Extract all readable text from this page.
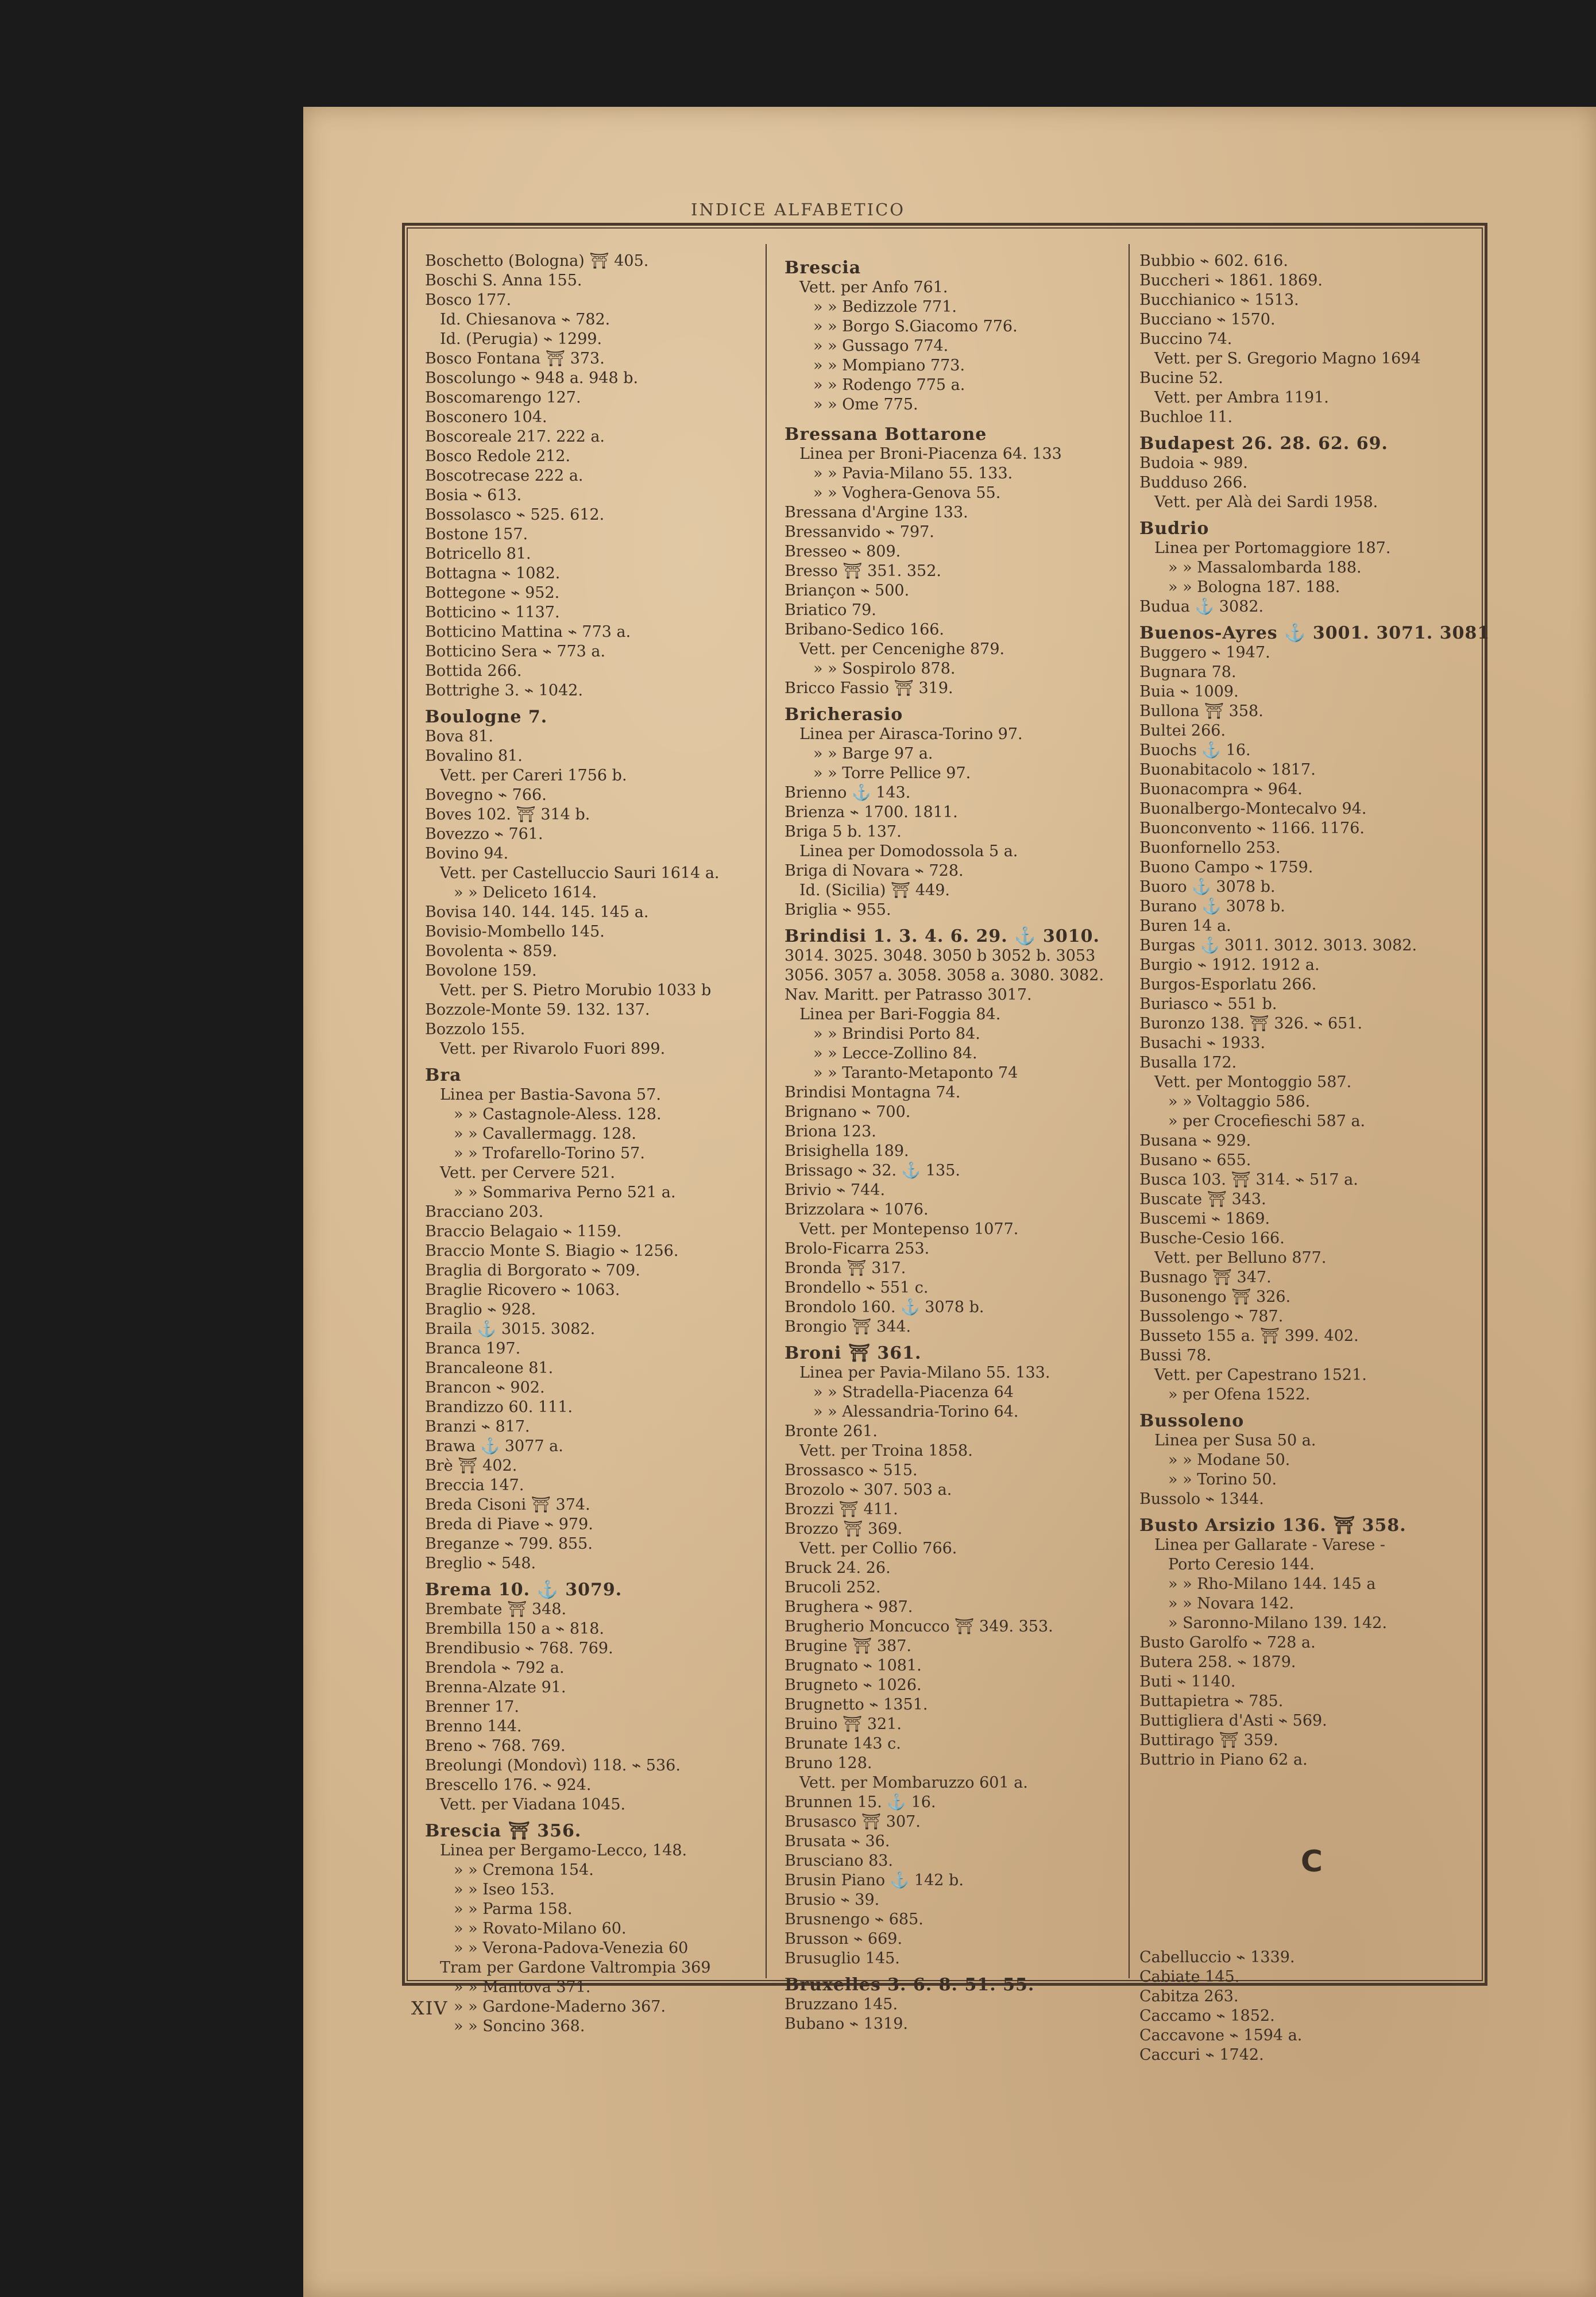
INDICE ALFABETICO
Boschetto (Bologna) ⛩ 405.
Boschi S. Anna 155.
Bosco 177.
Id. Chiesanova ⌁ 782.
Id. (Perugia) ⌁ 1299.
Bosco Fontana ⛩ 373.
Boscolungo ⌁ 948 a. 948 b.
Boscomarengo 127.
Bosconero 104.
Boscoreale 217. 222 a.
Bosco Redole 212.
Boscotrecase 222 a.
Bosia ⌁ 613.
Bossolasco ⌁ 525. 612.
Bostone 157.
Botricello 81.
Bottagna ⌁ 1082.
Bottegone ⌁ 952.
Botticino ⌁ 1137.
Botticino Mattina ⌁ 773 a.
Botticino Sera ⌁ 773 a.
Bottida 266.
Bottrighe 3. ⌁ 1042.
Boulogne 7.
Bova 81.
Bovalino 81.
Vett. per Careri 1756 b.
Bovegno ⌁ 766.
Boves 102. ⛩ 314 b.
Bovezzo ⌁ 761.
Bovino 94.
Vett. per Castelluccio Sauri 1614 a.
» » Deliceto 1614.
Bovisa 140. 144. 145. 145 a.
Bovisio-Mombello 145.
Bovolenta ⌁ 859.
Bovolone 159.
Vett. per S. Pietro Morubio 1033 b
Bozzole-Monte 59. 132. 137.
Bozzolo 155.
Vett. per Rivarolo Fuori 899.
Bra
Linea per Bastia-Savona 57.
» » Castagnole-Aless. 128.
» » Cavallermagg. 128.
» » Trofarello-Torino 57.
Vett. per Cervere 521.
» » Sommariva Perno 521 a.
Bracciano 203.
Braccio Belagaio ⌁ 1159.
Braccio Monte S. Biagio ⌁ 1256.
Braglia di Borgorato ⌁ 709.
Braglie Ricovero ⌁ 1063.
Braglio ⌁ 928.
Braila ⚓ 3015. 3082.
Branca 197.
Brancaleone 81.
Brancon ⌁ 902.
Brandizzo 60. 111.
Branzi ⌁ 817.
Brawa ⚓ 3077 a.
Brè ⛩ 402.
Breccia 147.
Breda Cisoni ⛩ 374.
Breda di Piave ⌁ 979.
Breganze ⌁ 799. 855.
Breglio ⌁ 548.
Brema 10. ⚓ 3079.
Brembate ⛩ 348.
Brembilla 150 a ⌁ 818.
Brendibusio ⌁ 768. 769.
Brendola ⌁ 792 a.
Brenna-Alzate 91.
Brenner 17.
Brenno 144.
Breno ⌁ 768. 769.
Breolungi (Mondovì) 118. ⌁ 536.
Brescello 176. ⌁ 924.
Vett. per Viadana 1045.
Brescia ⛩ 356.
Linea per Bergamo-Lecco, 148.
» » Cremona 154.
» » Iseo 153.
» » Parma 158.
» » Rovato-Milano 60.
» » Verona-Padova-Venezia 60
Tram per Gardone Valtrompia 369
» » Mantova 371.
» » Gardone-Maderno 367.
» » Soncino 368.
Brescia
Vett. per Anfo 761.
» » Bedizzole 771.
» » Borgo S.Giacomo 776.
» » Gussago 774.
» » Mompiano 773.
» » Rodengo 775 a.
» » Ome 775.
Bressana Bottarone
Linea per Broni-Piacenza 64. 133
» » Pavia-Milano 55. 133.
» » Voghera-Genova 55.
Bressana d'Argine 133.
Bressanvido ⌁ 797.
Bresseo ⌁ 809.
Bresso ⛩ 351. 352.
Briançon ⌁ 500.
Briatico 79.
Bribano-Sedico 166.
Vett. per Cencenighe 879.
» » Sospirolo 878.
Bricco Fassio ⛩ 319.
Bricherasio
Linea per Airasca-Torino 97.
» » Barge 97 a.
» » Torre Pellice 97.
Brienno ⚓ 143.
Brienza ⌁ 1700. 1811.
Briga 5 b. 137.
Linea per Domodossola 5 a.
Briga di Novara ⌁ 728.
Id. (Sicilia) ⛩ 449.
Briglia ⌁ 955.
Brindisi 1. 3. 4. 6. 29. ⚓ 3010.
3014. 3025. 3048. 3050 b 3052 b. 3053
3056. 3057 a. 3058. 3058 a. 3080. 3082.
Nav. Maritt. per Patrasso 3017.
Linea per Bari-Foggia 84.
» » Brindisi Porto 84.
» » Lecce-Zollino 84.
» » Taranto-Metaponto 74
Brindisi Montagna 74.
Brignano ⌁ 700.
Briona 123.
Brisighella 189.
Brissago ⌁ 32. ⚓ 135.
Brivio ⌁ 744.
Brizzolara ⌁ 1076.
Vett. per Montepenso 1077.
Brolo-Ficarra 253.
Bronda ⛩ 317.
Brondello ⌁ 551 c.
Brondolo 160. ⚓ 3078 b.
Brongio ⛩ 344.
Broni ⛩ 361.
Linea per Pavia-Milano 55. 133.
» » Stradella-Piacenza 64
» » Alessandria-Torino 64.
Bronte 261.
Vett. per Troina 1858.
Brossasco ⌁ 515.
Brozolo ⌁ 307. 503 a.
Brozzi ⛩ 411.
Brozzo ⛩ 369.
Vett. per Collio 766.
Bruck 24. 26.
Brucoli 252.
Brughera ⌁ 987.
Brugherio Moncucco ⛩ 349. 353.
Brugine ⛩ 387.
Brugnato ⌁ 1081.
Brugneto ⌁ 1026.
Brugnetto ⌁ 1351.
Bruino ⛩ 321.
Brunate 143 c.
Bruno 128.
Vett. per Mombaruzzo 601 a.
Brunnen 15. ⚓ 16.
Brusasco ⛩ 307.
Brusata ⌁ 36.
Brusciano 83.
Brusin Piano ⚓ 142 b.
Brusio ⌁ 39.
Brusnengo ⌁ 685.
Brusson ⌁ 669.
Brusuglio 145.
Bruxelles 3. 6. 8. 51. 55.
Bruzzano 145.
Bubano ⌁ 1319.
Bubbio ⌁ 602. 616.
Buccheri ⌁ 1861. 1869.
Bucchianico ⌁ 1513.
Bucciano ⌁ 1570.
Buccino 74.
Vett. per S. Gregorio Magno 1694
Bucine 52.
Vett. per Ambra 1191.
Buchloe 11.
Budapest 26. 28. 62. 69.
Budoia ⌁ 989.
Budduso 266.
Vett. per Alà dei Sardi 1958.
Budrio
Linea per Portomaggiore 187.
» » Massalombarda 188.
» » Bologna 187. 188.
Budua ⚓ 3082.
Buenos-Ayres ⚓ 3001. 3071. 3081
Buggero ⌁ 1947.
Bugnara 78.
Buia ⌁ 1009.
Bullona ⛩ 358.
Bultei 266.
Buochs ⚓ 16.
Buonabitacolo ⌁ 1817.
Buonacompra ⌁ 964.
Buonalbergo-Montecalvo 94.
Buonconvento ⌁ 1166. 1176.
Buonfornello 253.
Buono Campo ⌁ 1759.
Buoro ⚓ 3078 b.
Burano ⚓ 3078 b.
Buren 14 a.
Burgas ⚓ 3011. 3012. 3013. 3082.
Burgio ⌁ 1912. 1912 a.
Burgos-Esporlatu 266.
Buriasco ⌁ 551 b.
Buronzo 138. ⛩ 326. ⌁ 651.
Busachi ⌁ 1933.
Busalla 172.
Vett. per Montoggio 587.
» » Voltaggio 586.
» per Crocefieschi 587 a.
Busana ⌁ 929.
Busano ⌁ 655.
Busca 103. ⛩ 314. ⌁ 517 a.
Buscate ⛩ 343.
Buscemi ⌁ 1869.
Busche-Cesio 166.
Vett. per Belluno 877.
Busnago ⛩ 347.
Busonengo ⛩ 326.
Bussolengo ⌁ 787.
Busseto 155 a. ⛩ 399. 402.
Bussi 78.
Vett. per Capestrano 1521.
» per Ofena 1522.
Bussoleno
Linea per Susa 50 a.
» » Modane 50.
» » Torino 50.
Bussolo ⌁ 1344.
Busto Arsizio 136. ⛩ 358.
Linea per Gallarate - Varese -
Porto Ceresio 144.
» » Rho-Milano 144. 145 a
» » Novara 142.
» Saronno-Milano 139. 142.
Busto Garolfo ⌁ 728 a.
Butera 258. ⌁ 1879.
Buti ⌁ 1140.
Buttapietra ⌁ 785.
Buttigliera d'Asti ⌁ 569.
Buttirago ⛩ 359.
Buttrio in Piano 62 a.
C
Cabelluccio ⌁ 1339.
Cabiate 145.
Cabitza 263.
Caccamo ⌁ 1852.
Caccavone ⌁ 1594 a.
Caccuri ⌁ 1742.
XIV
